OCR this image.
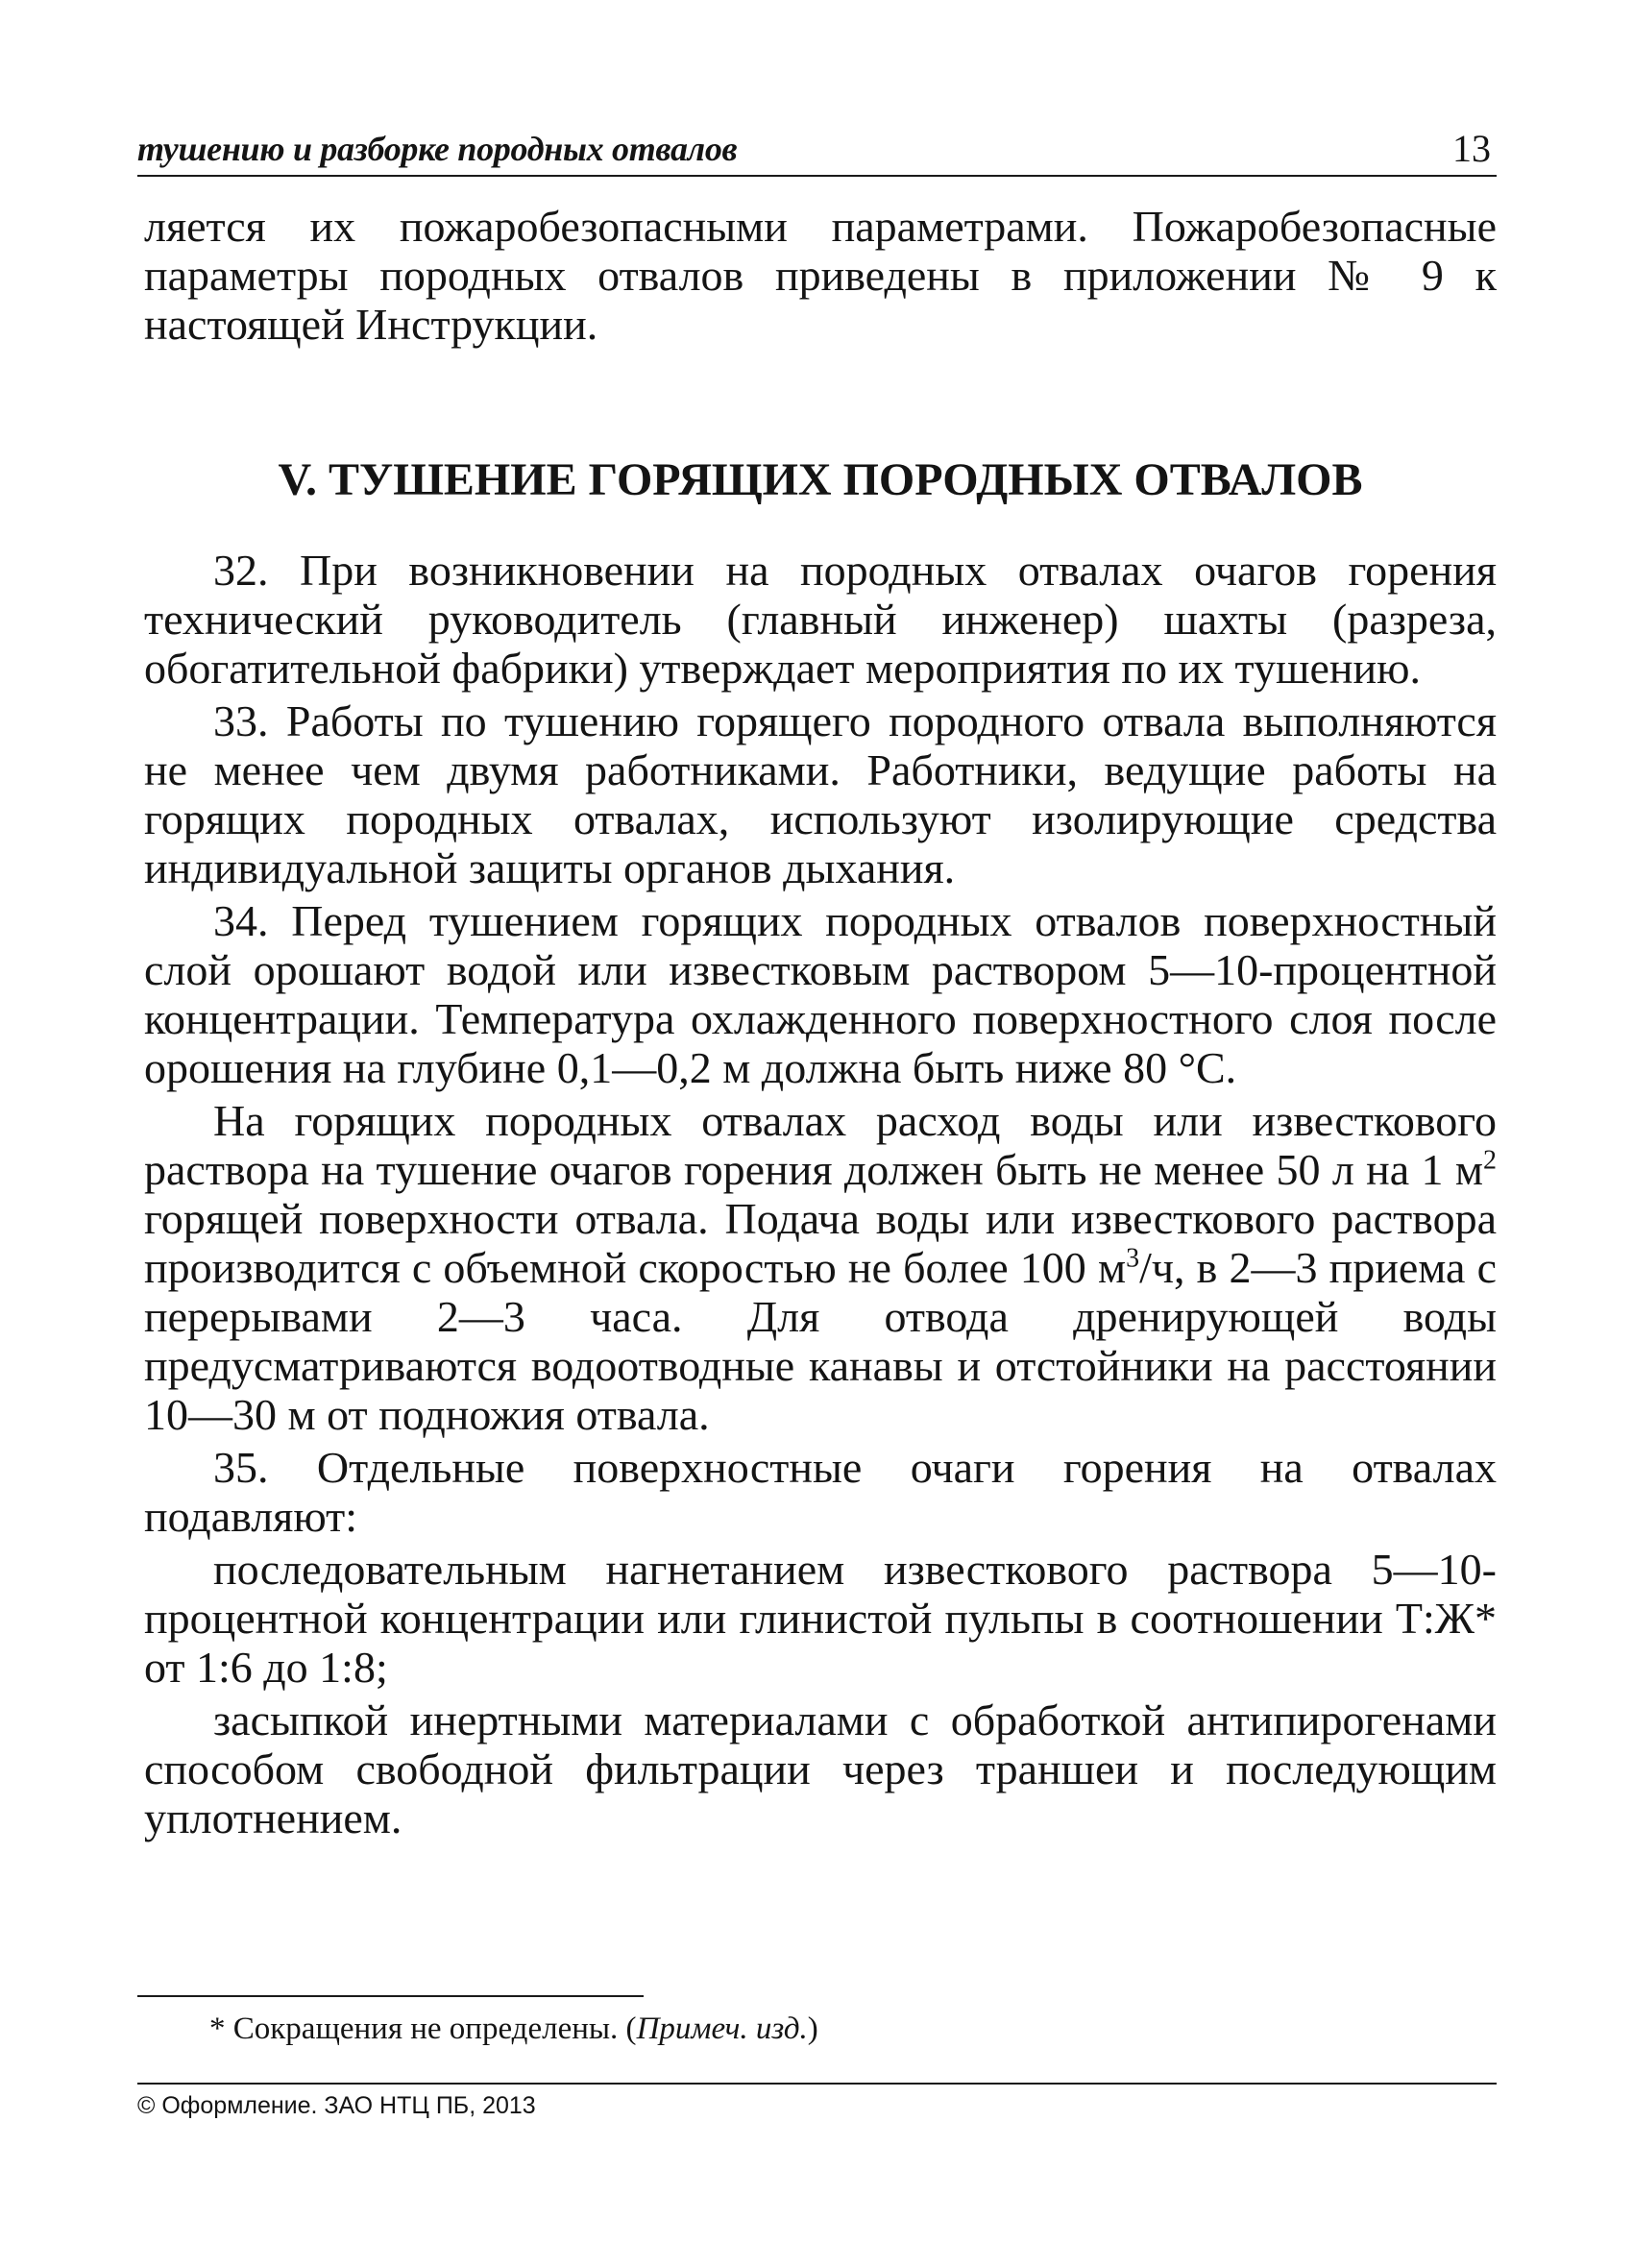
тушению и разборке породных отвалов	13

ляется их пожаробезопасными параметрами. Пожаробезопасные параметры породных отвалов приведены в приложении № 9 к настоящей Инструкции.

V. ТУШЕНИЕ ГОРЯЩИХ ПОРОДНЫХ ОТВАЛОВ

32. При возникновении на породных отвалах очагов горения технический руководитель (главный инженер) шахты (разреза, обогатительной фабрики) утверждает мероприятия по их тушению.

33. Работы по тушению горящего породного отвала выполняются не менее чем двумя работниками. Работники, ведущие работы на горящих породных отвалах, используют изолирующие средства индивидуальной защиты органов дыхания.

34. Перед тушением горящих породных отвалов поверхностный слой орошают водой или известковым раствором 5—10-процентной концентрации. Температура охлажденного поверхностного слоя после орошения на глубине 0,1—0,2 м должна быть ниже 80 °С.

На горящих породных отвалах расход воды или известкового раствора на тушение очагов горения должен быть не менее 50 л на 1 $м^2$ горящей поверхности отвала. Подача воды или известкового раствора производится с объемной скоростью не более 100 $м^3/ч$, в 2—3 приема с перерывами 2—3 часа. Для отвода дренирующей воды предусматриваются водоотводные канавы и отстойники на расстоянии 10—30 м от подножия отвала.

35. Отдельные поверхностные очаги горения на отвалах подавляют:

последовательным нагнетанием известкового раствора 5—10-процентной концентрации или глинистой пульпы в соотношении Т:Ж* от 1:6 до 1:8;

засыпкой инертными материалами с обработкой антипирогенами способом свободной фильтрации через траншеи и последующим уплотнением.

* Сокращения не определены. (Примеч. изд.)
© Оформление. ЗАО НТЦ ПБ, 2013
